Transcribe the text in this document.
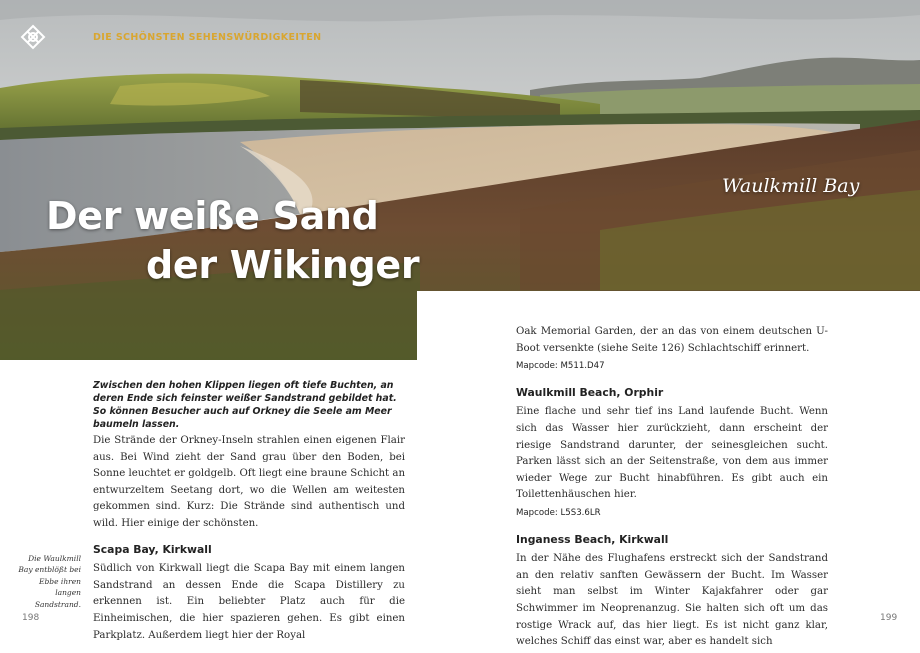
DIE SCHÖNSTEN SEHENSWÜRDIGKEITEN
Der weiße Sand
der Wikinger
Waulkmill Bay
Zwischen den hohen Klippen liegen oft tiefe Buchten, an deren Ende sich feinster weißer Sandstrand gebildet hat. So können Besucher auch auf Orkney die Seele am Meer baumeln lassen.

Die Strände der Orkney-Inseln strahlen einen eigenen Flair aus. Bei Wind zieht der Sand grau über den Boden, bei Sonne leuchtet er goldgelb. Oft liegt eine braune Schicht an entwurzeltem Seetang dort, wo die Wellen am weitesten gekommen sind. Kurz: Die Strände sind authentisch und wild. Hier einige der schönsten.

Scapa Bay, Kirkwall

Südlich von Kirkwall liegt die Scapa Bay mit einem langen Sandstrand an dessen Ende die Scapa Distillery zu erkennen ist. Ein beliebter Platz auch für die Einheimischen, die hier spazieren gehen. Es gibt einen Parkplatz. Außerdem liegt hier der Royal

Die Waulkmill Bay entblößt bei Ebbe ihren langen Sandstrand.

Oak Memorial Garden, der an das von einem deutschen U-Boot versenkte (siehe Seite 126) Schlachtschiff erinnert.

Mapcode: M511.D47
Waulkmill Beach, Orphir

Eine flache und sehr tief ins Land laufende Bucht. Wenn sich das Wasser hier zurückzieht, dann erscheint der riesige Sandstrand darunter, der seinesgleichen sucht. Parken lässt sich an der Seitenstraße, von dem aus immer wieder Wege zur Bucht hinabführen. Es gibt auch ein Toilettenhäuschen hier.

Mapcode: L5S3.6LR
Inganess Beach, Kirkwall

In der Nähe des Flughafens erstreckt sich der Sandstrand an den relativ sanften Gewässern der Bucht. Im Wasser sieht man selbst im Winter Kajakfahrer oder gar Schwimmer im Neoprenanzug. Sie halten sich oft um das rostige Wrack auf, das hier liegt. Es ist nicht ganz klar, welches Schiff das einst war, aber es handelt sich

198	199
